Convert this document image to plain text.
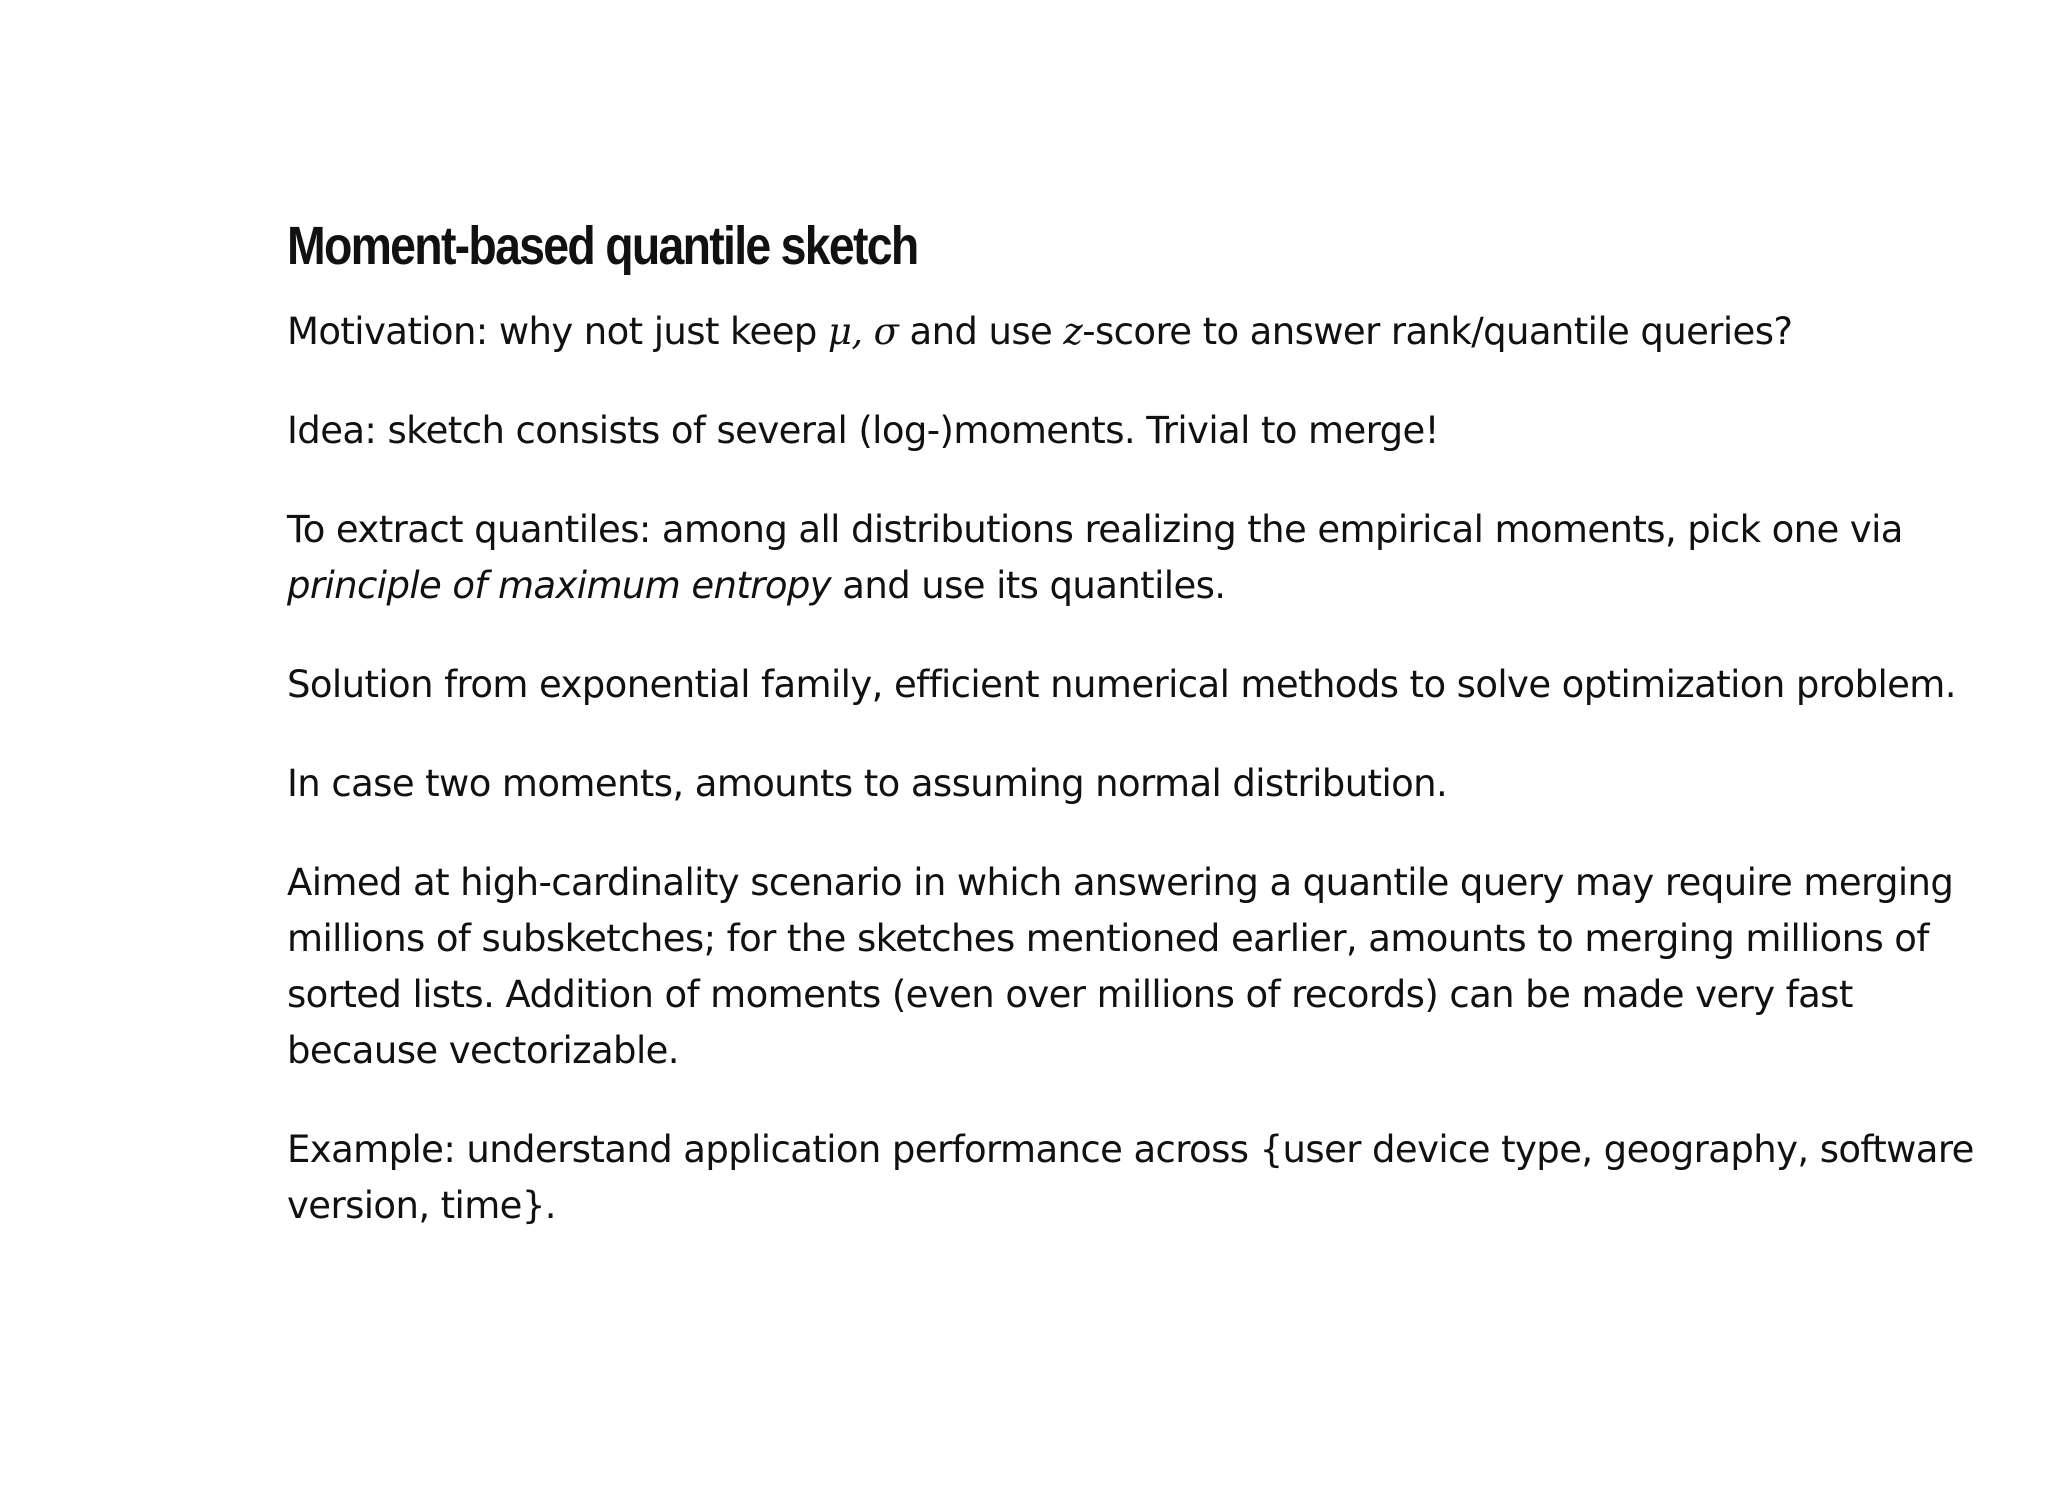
Moment-based quantile sketch

Motivation: why not just keep μ, σ and use z-score to answer rank/quantile queries?

Idea: sketch consists of several (log-)moments. Trivial to merge!

To extract quantiles: among all distributions realizing the empirical moments, pick one via principle of maximum entropy and use its quantiles.

Solution from exponential family, efficient numerical methods to solve optimization problem.

In case two moments, amounts to assuming normal distribution.

Aimed at high-cardinality scenario in which answering a quantile query may require merging millions of subsketches; for the sketches mentioned earlier, amounts to merging millions of sorted lists. Addition of moments (even over millions of records) can be made very fast because vectorizable.

Example: understand application performance across {user device type, geography, software version, time}.
